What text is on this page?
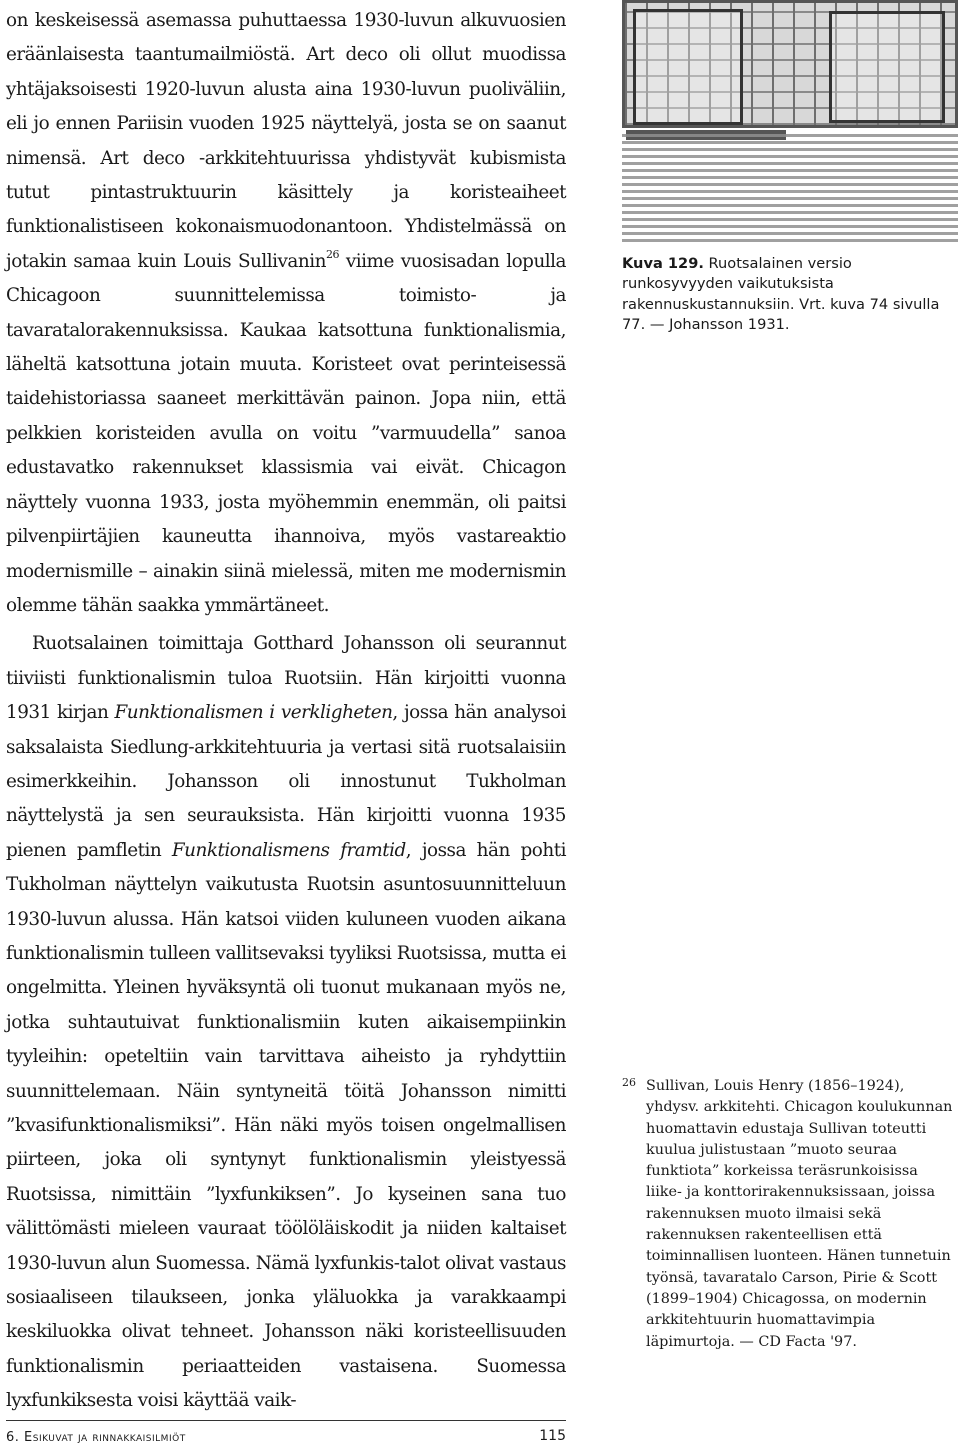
on keskeisessä asemassa puhuttaessa 1930-luvun alkuvuosien eräänlaisesta taantumailmiöstä. Art deco oli ollut muodissa yhtäjaksoisesti 1920-luvun alusta aina 1930-luvun puoliväliin, eli jo ennen Pariisin vuoden 1925 näyttelyä, josta se on saanut nimensä. Art deco -arkkitehtuurissa yhdistyvät kubismista tutut pintastruktuurin käsittely ja koristeaiheet funktionalistiseen kokonaismuodonantoon. Yhdistelmässä on jotakin samaa kuin Louis Sullivanin$^{26}$ viime vuosisadan lopulla Chicagoon suunnittelemissa toimisto- ja tavaratalorakennuksissa. Kaukaa katsottuna funktionalismia, läheltä katsottuna jotain muuta. Koristeet ovat perinteisessä taidehistoriassa saaneet merkittävän painon. Jopa niin, että pelkkien koristeiden avulla on voitu ”varmuudella” sanoa edustavatko rakennukset klassismia vai eivät. Chicagon näyttely vuonna 1933, josta myöhemmin enemmän, oli paitsi pilvenpiirtäjien kauneutta ihannoiva, myös vastareaktio modernismille – ainakin siinä mielessä, miten me modernismin olemme tähän saakka ymmärtäneet.

Ruotsalainen toimittaja Gotthard Johansson oli seurannut tiiviisti funktionalismin tuloa Ruotsiin. Hän kirjoitti vuonna 1931 kirjan Funktionalismen i verkligheten, jossa hän analysoi saksalaista Siedlung-arkkitehtuuria ja vertasi sitä ruotsalaisiin esimerkkeihin. Johansson oli innostunut Tukholman näyttelystä ja sen seurauksista. Hän kirjoitti vuonna 1935 pienen pamfletin Funktionalismens framtid, jossa hän pohti Tukholman näyttelyn vaikutusta Ruotsin asuntosuunnitteluun 1930-luvun alussa. Hän katsoi viiden kuluneen vuoden aikana funktionalismin tulleen vallitsevaksi tyyliksi Ruotsissa, mutta ei ongelmitta. Yleinen hyväksyntä oli tuonut mukanaan myös ne, jotka suhtautuivat funktionalismiin kuten aikaisempiinkin tyyleihin: opeteltiin vain tarvittava aiheisto ja ryhdyttiin suunnittelemaan. Näin syntyneitä töitä Johansson nimitti ”kvasifunktionalismiksi”. Hän näki myös toisen ongelmallisen piirteen, joka oli syntynyt funktionalismin yleistyessä Ruotsissa, nimittäin ”lyxfunkiksen”. Jo kyseinen sana tuo välittömästi mieleen vauraat töölöläiskodit ja niiden kaltaiset 1930-luvun alun Suomessa. Nämä lyxfunkis-talot olivat vastaus sosiaaliseen tilaukseen, jonka yläluokka ja varakkaampi keskiluokka olivat tehneet. Johansson näki koristeellisuuden funktionalismin periaatteiden vastaisena. Suomessa lyxfunkiksesta voisi käyttää vaik-

Kuva 129. Ruotsalainen versio runkosyvyyden vaikutuksista rakennuskustannuksiin. Vrt. kuva 74 sivulla 77. — Johansson 1931.
26 Sullivan, Louis Henry (1856–1924), yhdysv. arkkitehti. Chicagon koulukunnan huomattavin edustaja Sullivan toteutti kuulua julistustaan ”muoto seuraa funktiota” korkeissa teräsrunkoisissa liike- ja konttorirakennuksissaan, joissa rakennuksen muoto ilmaisi sekä rakennuksen rakenteellisen että toiminnallisen luonteen. Hänen tunnetuin työnsä, tavaratalo Carson, Pirie & Scott (1899–1904) Chicagossa, on modernin arkkitehtuurin huomattavimpia läpimurtoja. — CD Facta '97.
6. Esikuvat ja rinnakkaisilmiöt	115
